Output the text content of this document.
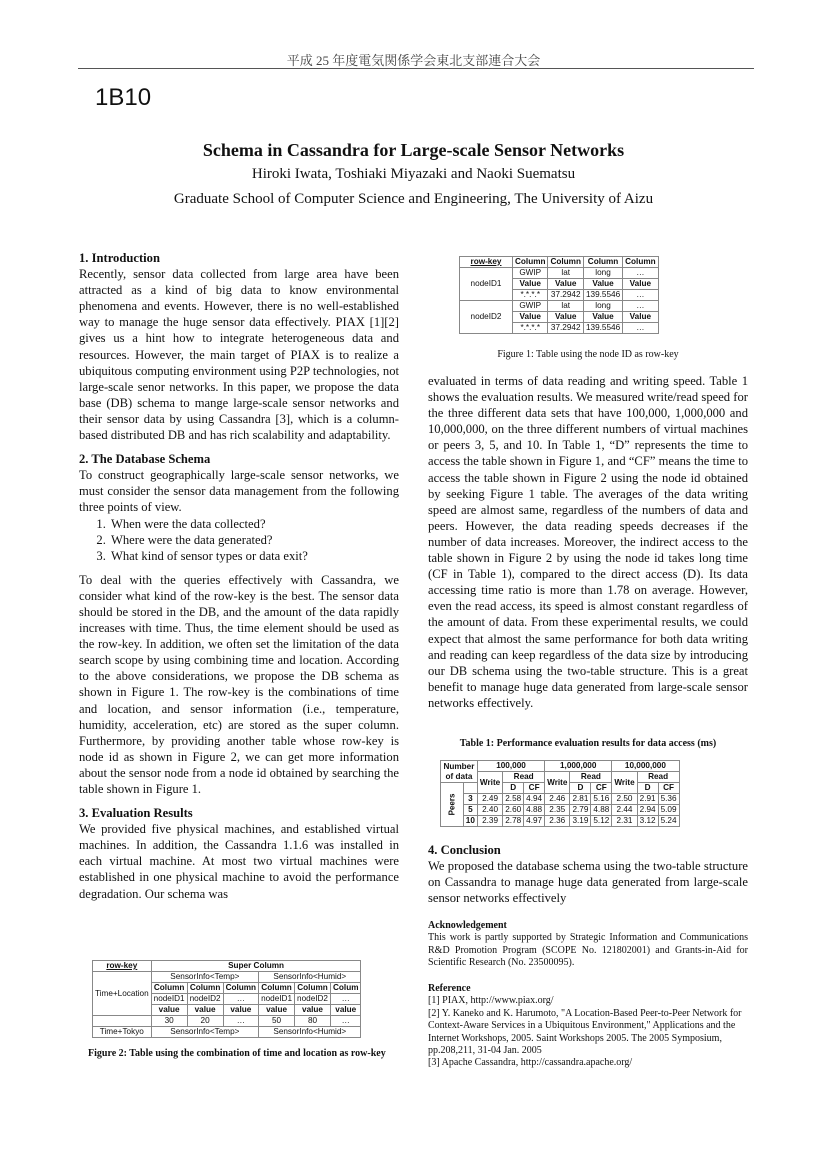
平成 25 年度電気関係学会東北支部連合大会
1B10
Schema in Cassandra for Large-scale Sensor Networks
Hiroki Iwata, Toshiaki Miyazaki and Naoki Suematsu
Graduate School of Computer Science and Engineering, The University of Aizu
1. Introduction

Recently, sensor data collected from large area have been attracted as a kind of big data to know environmental phenomena and events. However, there is no well-established way to manage the huge sensor data effectively. PIAX [1][2] gives us a hint how to integrate heterogeneous data and resources. However, the main target of PIAX is to realize a ubiquitous computing environment using P2P technologies, not large-scale senor networks. In this paper, we propose the data base (DB) schema to mange large-scale sensor networks and their sensor data by using Cassandra [3], which is a column-based distributed DB and has rich scalability and adaptability.

2. The Database Schema

To construct geographically large-scale sensor networks, we must consider the sensor data management from the following three points of view.

1. When were the data collected?
2. Where were the data generated?
3. What kind of sensor types or data exit?

To deal with the queries effectively with Cassandra, we consider what kind of the row-key is the best. The sensor data should be stored in the DB, and the amount of the data rapidly increases with time. Thus, the time element should be used as the row-key. In addition, we often set the limitation of the data search scope by using combining time and location. According to the above considerations, we propose the DB schema as shown in Figure 1. The row-key is the combinations of time and location, and sensor information (i.e., temperature, humidity, acceleration, etc) are stored as the super column. Furthermore, by providing another table whose row-key is node id as shown in Figure 2, we can get more information about the sensor node from a node id obtained by searching the table shown in Figure 1.

3. Evaluation Results

We provided five physical machines, and established virtual machines. In addition, the Cassandra 1.1.6 was installed in each virtual machine. At most two virtual machines were established in one physical machine to avoid the performance degradation. Our schema was

row-key	Super Column					
Time+Location	SensorInfo<Temp>			SensorInfo<Humid>		
	Column	Column	Column	Column	Column	Colum
	nodeID1	nodeID2	…	nodeID1	nodeID2	…
	value	value	value	value	value	value
	30	20	…	50	80	…
Time+Tokyo	SensorInfo<Temp>			SensorInfo<Humid>		
Figure 2: Table using the combination of time and location as row-key
row-key	Column	Column	Column	Column
nodeID1	GWIP	lat	long	…
	Value	Value	Value	Value
	*.*.*.*	37.2942	139.5546	…
nodeID2	GWIP	lat	long	…
	Value	Value	Value	Value
	*.*.*.*	37.2942	139.5546	…
Figure 1: Table using the node ID as row-key

evaluated in terms of data reading and writing speed. Table 1 shows the evaluation results. We measured write/read speed for the three different data sets that have 100,000, 1,000,000 and 10,000,000, on the three different numbers of virtual machines or peers 3, 5, and 10. In Table 1, “D” represents the time to access the table shown in Figure 1, and “CF” means the time to access the table shown in Figure 2 using the node id obtained by seeking Figure 1 table. The averages of the data writing speed are almost same, regardless of the numbers of data and peers. However, the data reading speeds decreases if the number of data increases. Moreover, the indirect access to the table shown in Figure 2 by using the node id takes long time (CF in Table 1), compared to the direct access (D). Its data accessing time ratio is more than 1.78 on average. However, even the read access, its speed is almost constant regardless of the amount of data. From these experimental results, we could expect that almost the same performance for both data writing and reading can keep regardless of the data size by introducing our DB schema using the two-table structure. This is a great benefit to manage huge data generated from large-scale sensor networks effectively.

Table 1: Performance evaluation results for data access (ms)
Number
of data		100,000			1,000,000			10,000,000		
		Write	Read		Write	Read		Write	Read	
Peers			D	CF		D	CF		D	CF
	3	2.49	2.58	4.94	2.46	2.81	5.16	2.50	2.91	5.36
	5	2.40	2.60	4.88	2.35	2.79	4.88	2.44	2.94	5.09
	10	2.39	2.78	4.97	2.36	3.19	5.12	2.31	3.12	5.24
4. Conclusion

We proposed the database schema using the two-table structure on Cassandra to manage huge data generated from large-scale sensor networks effectively

Acknowledgement

This work is partly supported by Strategic Information and Communications R&D Promotion Program (SCOPE No. 121802001) and Grants-in-Aid for Scientific Research (No. 23500095).

Reference

[1] PIAX, http://www.piax.org/

[2] Y. Kaneko and K. Harumoto, "A Location-Based Peer-to-Peer Network for Context-Aware Services in a Ubiquitous Environment," Applications and the Internet Workshops, 2005. Saint Workshops 2005. The 2005 Symposium, pp.208,211, 31-04 Jan. 2005

[3] Apache Cassandra, http://cassandra.apache.org/
